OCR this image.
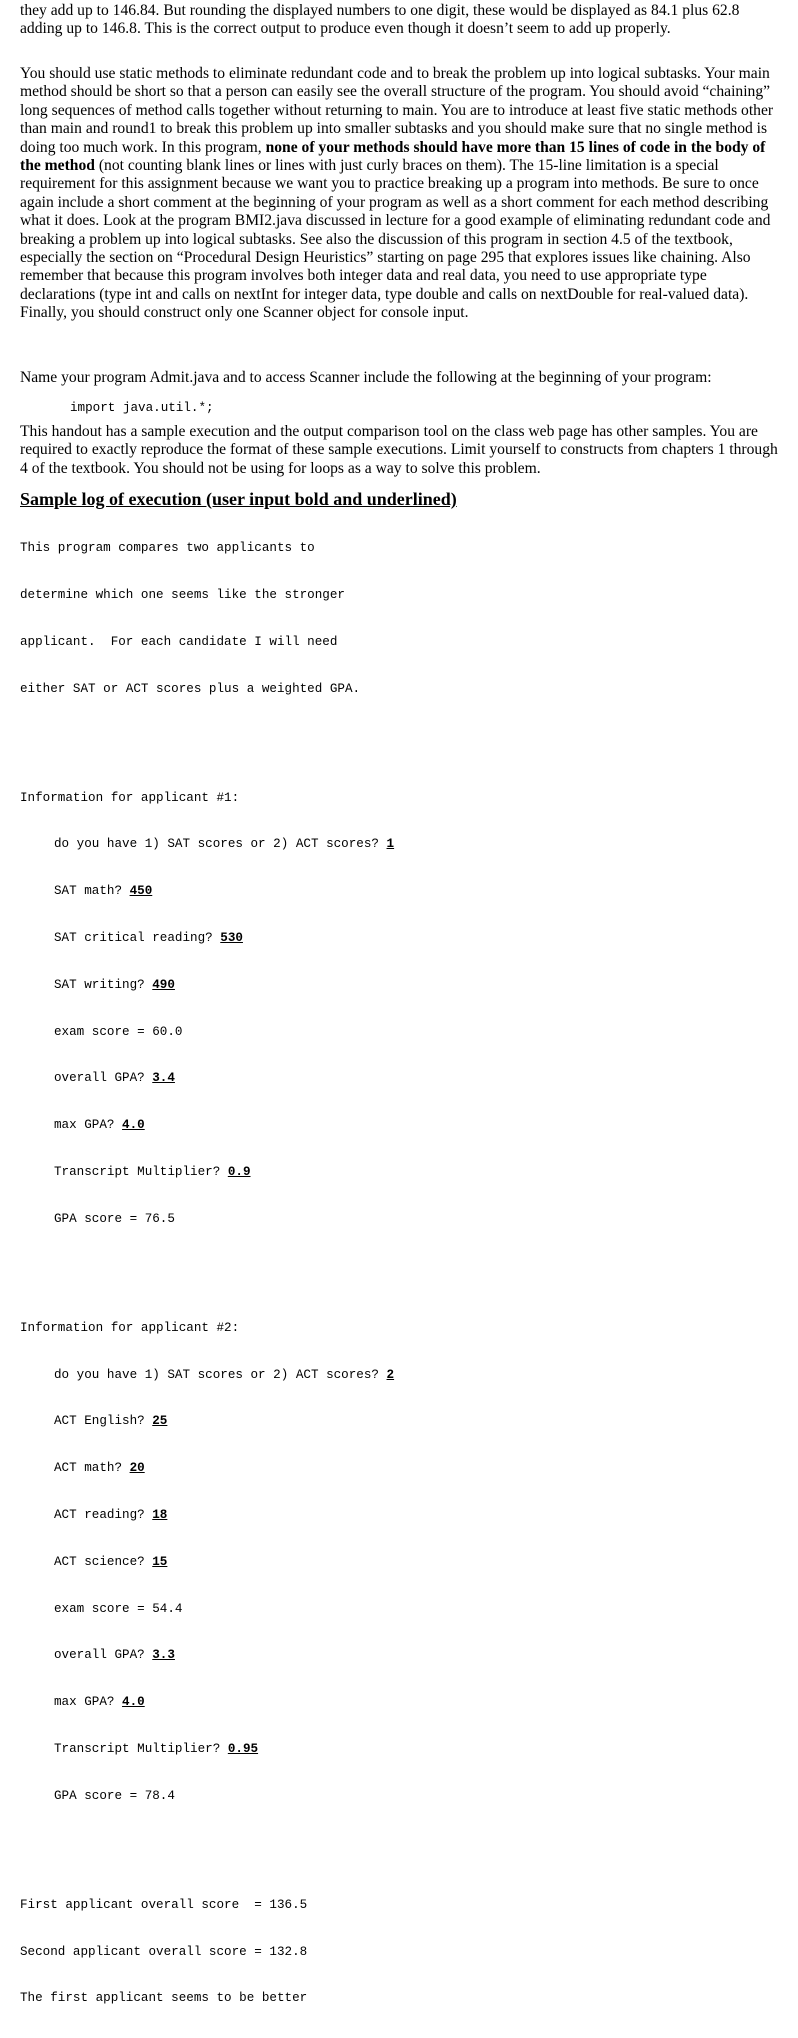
they add up to 146.84. But rounding the displayed numbers to one digit, these would be displayed as 84.1 plus 62.8 adding up to 146.8. This is the correct output to produce even though it doesn’t seem to add up properly.

You should use static methods to eliminate redundant code and to break the problem up into logical subtasks. Your main method should be short so that a person can easily see the overall structure of the program. You should avoid “chaining” long sequences of method calls together without returning to main. You are to introduce at least five static methods other than main and round1 to break this problem up into smaller subtasks and you should make sure that no single method is doing too much work. In this program, none of your methods should have more than 15 lines of code in the body of the method (not counting blank lines or lines with just curly braces on them). The 15-line limitation is a special requirement for this assignment because we want you to practice breaking up a program into methods. Be sure to once again include a short comment at the beginning of your program as well as a short comment for each method describing what it does. Look at the program BMI2.java discussed in lecture for a good example of eliminating redundant code and breaking a problem up into logical subtasks. See also the discussion of this program in section 4.5 of the textbook, especially the section on “Procedural Design Heuristics” starting on page 295 that explores issues like chaining. Also remember that because this program involves both integer data and real data, you need to use appropriate type declarations (type int and calls on nextInt for integer data, type double and calls on nextDouble for real-valued data). Finally, you should construct only one Scanner object for console input.

Name your program Admit.java and to access Scanner include the following at the beginning of your program:

import java.util.*;

This handout has a sample execution and the output comparison tool on the class web page has other samples. You are required to exactly reproduce the format of these sample executions. Limit yourself to constructs from chapters 1 through 4 of the textbook. You should not be using for loops as a way to solve this problem.

Sample log of execution (user input bold and underlined)

This program compares two applicants to

determine which one seems like the stronger

applicant.  For each candidate I will need

either SAT or ACT scores plus a weighted GPA.

Information for applicant #1:

do you have 1) SAT scores or 2) ACT scores? 1

SAT math? 450

SAT critical reading? 530

SAT writing? 490

exam score = 60.0

overall GPA? 3.4

max GPA? 4.0

Transcript Multiplier? 0.9

GPA score = 76.5

Information for applicant #2:

do you have 1) SAT scores or 2) ACT scores? 2

ACT English? 25

ACT math? 20

ACT reading? 18

ACT science? 15

exam score = 54.4

overall GPA? 3.3

max GPA? 4.0

Transcript Multiplier? 0.95

GPA score = 78.4

First applicant overall score  = 136.5

Second applicant overall score = 132.8

The first applicant seems to be better
